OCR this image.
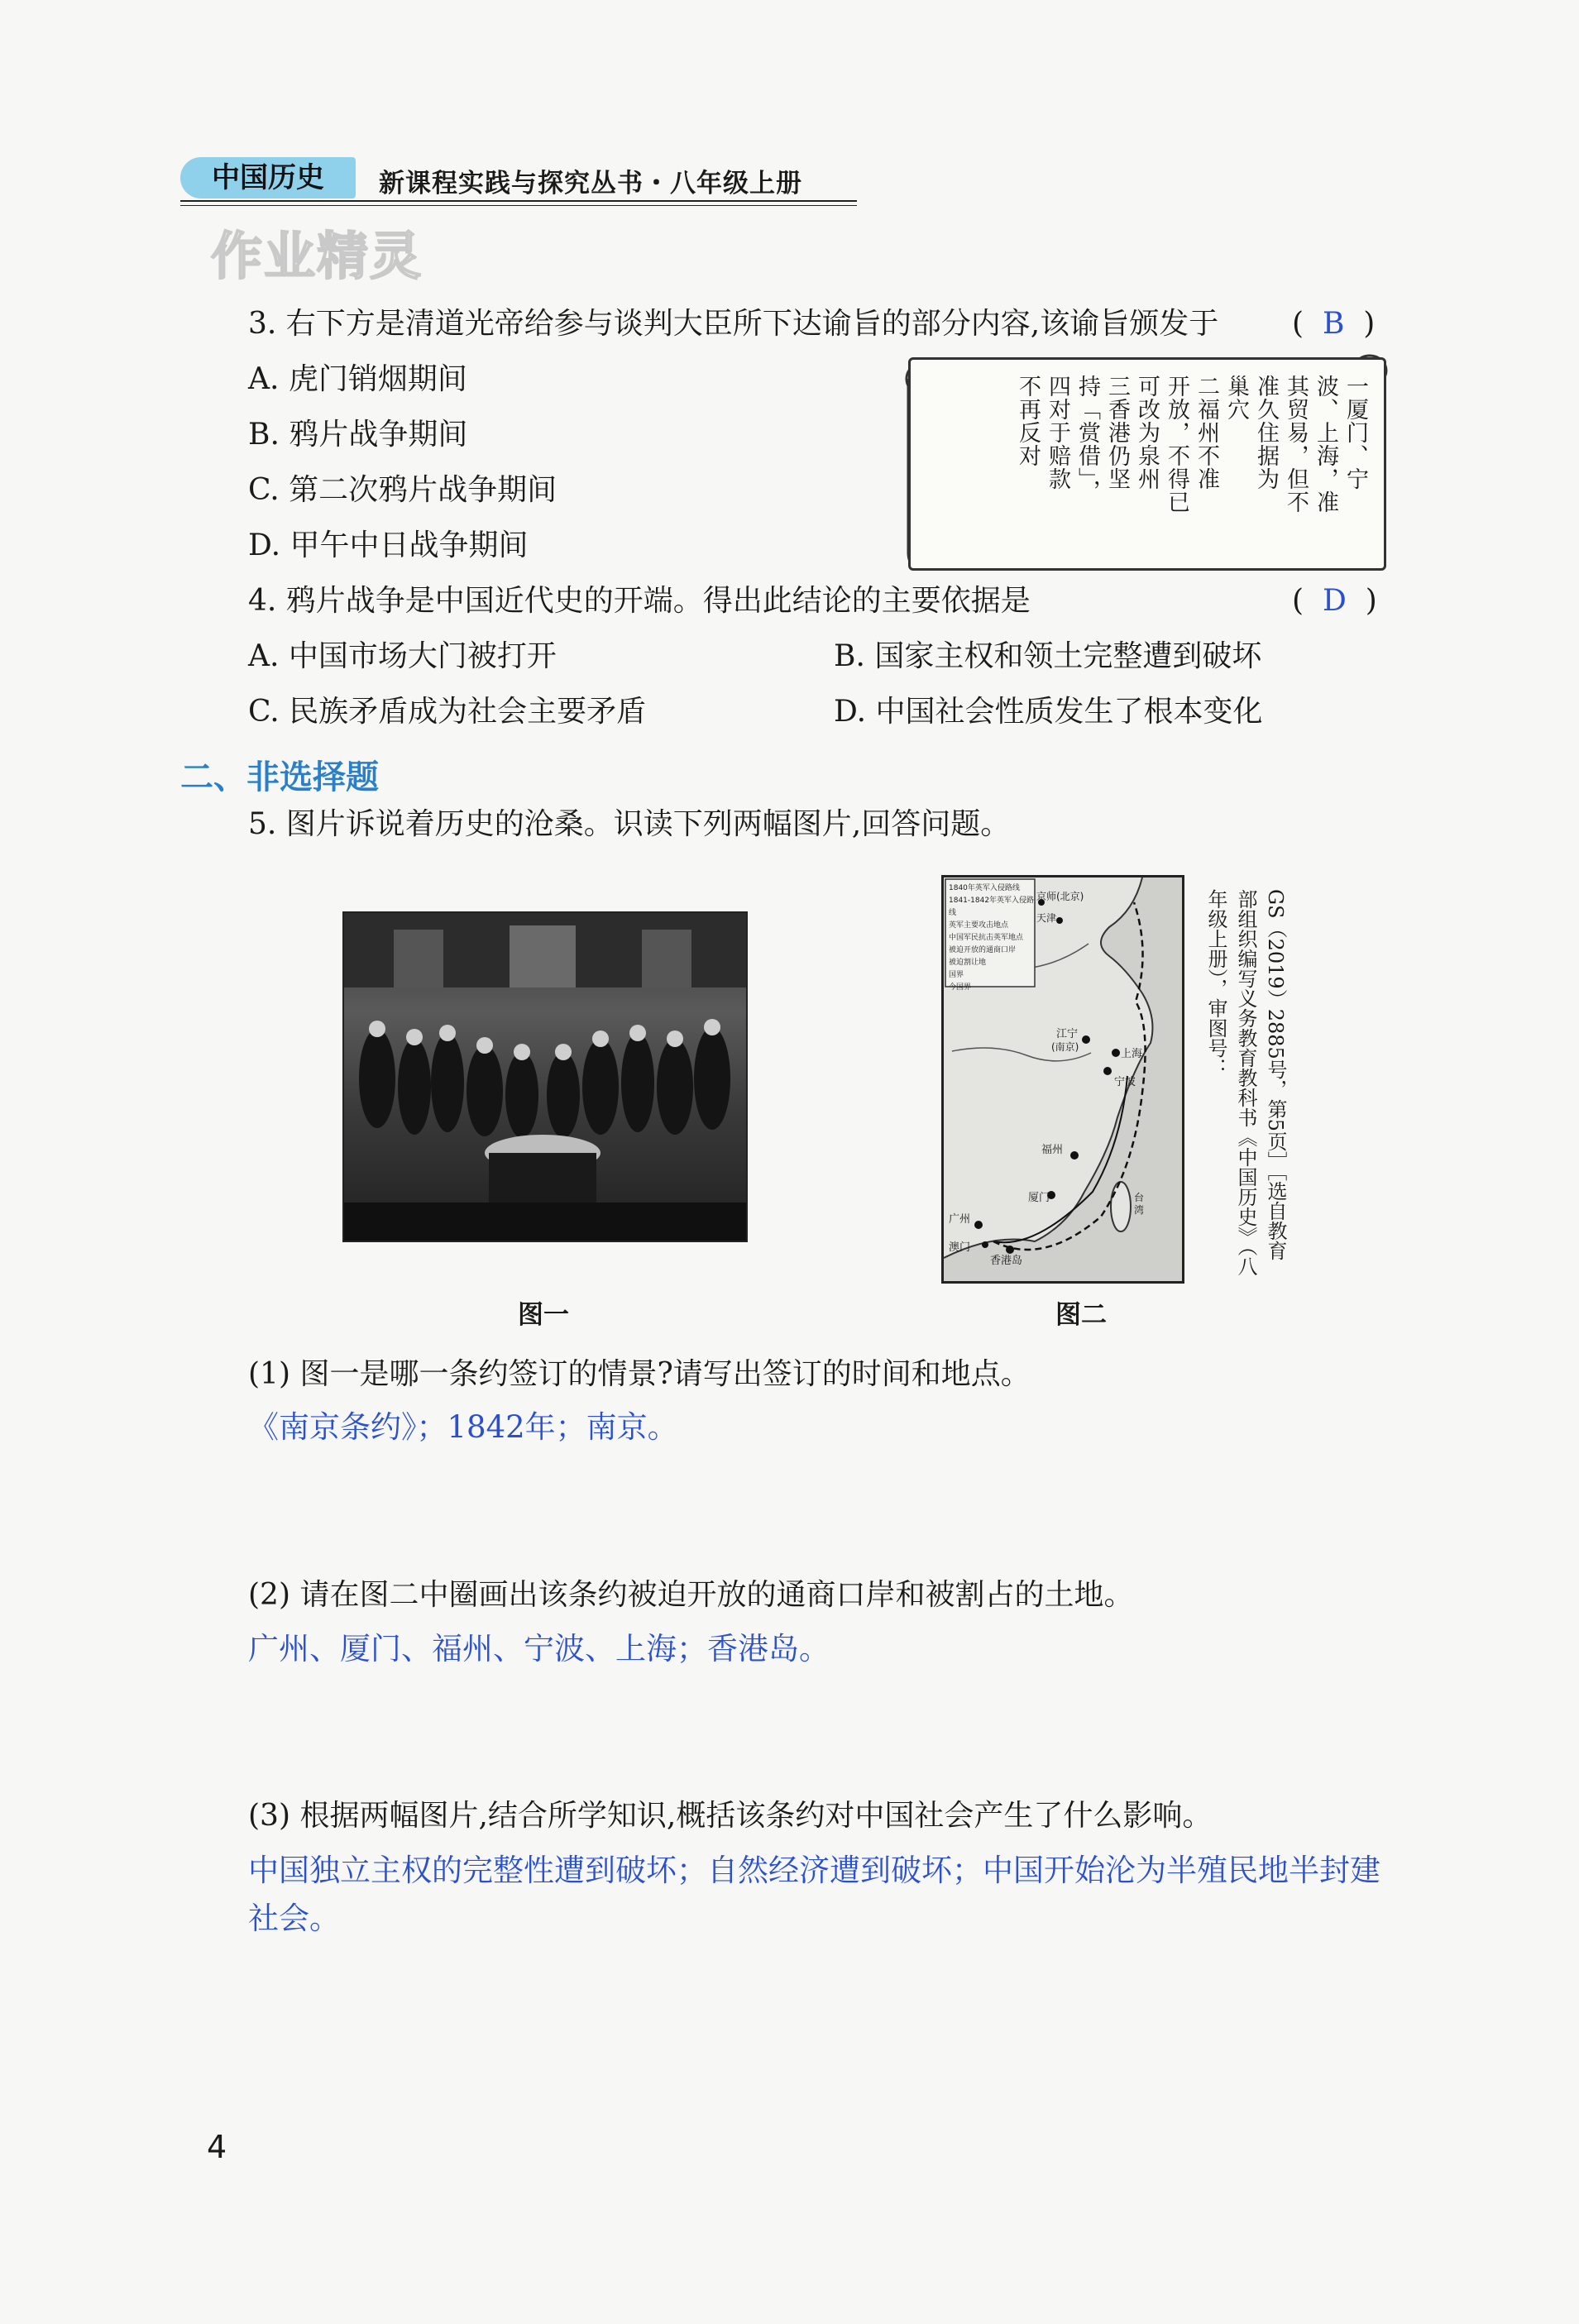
中国历史	新课程实践与探究丛书・八年级上册
作业精灵
3. 右下方是清道光帝给参与谈判大臣所下达谕旨的部分内容,该谕旨颁发于 (  B  )
A. 虎门销烟期间
B. 鸦片战争期间
C. 第二次鸦片战争期间
D. 甲午中日战争期间
一厦门、宁
波、上海，准
其贸易，但不
准久住据为
巢穴
二福州不准
开放，不得已
可改为泉州
三香港仍坚
持「赏借」，
四对于赔款
不再反对
4. 鸦片战争是中国近代史的开端。得出此结论的主要依据是	(  D  )
A. 中国市场大门被打开	B. 国家主权和领土完整遭到破坏
C. 民族矛盾成为社会主要矛盾	D. 中国社会性质发生了根本变化
二、非选择题
5. 图片诉说着历史的沧桑。识读下列两幅图片,回答问题。
图一
1840年英军入侵路线
1841-1842年英军入侵路线
英军主要攻击地点
中国军民抗击英军地点
被迫开放的通商口岸
被迫割让地
国界
今国界
京师(北京)
天津
江宁
(南京)
上海
宁波
福州
厦门
广州
澳门
香港岛
台湾
图二
GS（2019）2885号，第5页］［选自教育部组织编写义务教育教科书《中国历史》（八年级上册），审图号：
(1) 图一是哪一条约签订的情景?请写出签订的时间和地点。
《南京条约》；1842年；南京。
(2) 请在图二中圈画出该条约被迫开放的通商口岸和被割占的土地。
广州、厦门、福州、宁波、上海；香港岛。
(3) 根据两幅图片,结合所学知识,概括该条约对中国社会产生了什么影响。
中国独立主权的完整性遭到破坏；自然经济遭到破坏；中国开始沦为半殖民地半封建
社会。
4
